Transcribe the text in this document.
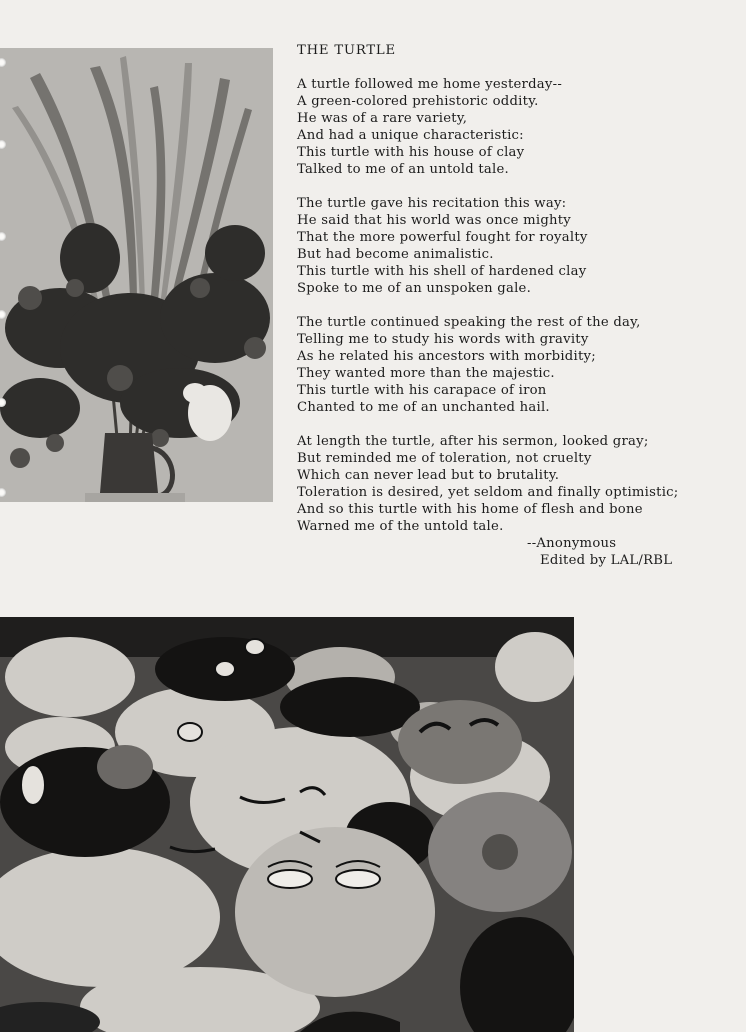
THE TURTLE
A turtle followed me home yesterday--
A green-colored prehistoric oddity.
He was of a rare variety,
And had a unique characteristic:
This turtle with his house of clay
Talked to me of an untold tale.
The turtle gave his recitation this way:
He said that his world was once mighty
That the more powerful fought for royalty
But had become animalistic.
This turtle with his shell of hardened clay
Spoke to me of an unspoken gale.
The turtle continued speaking the rest of the day,
Telling me to study his words with gravity
As he related his ancestors with morbidity;
They wanted more than the majestic.
This turtle with his carapace of iron
Chanted to me of an unchanted hail.
At length the turtle, after his sermon, looked gray;
But reminded me of toleration, not cruelty
Which can never lead but to brutality.
Toleration is desired, yet seldom and finally optimistic;
And so this turtle with his home of flesh and bone
Warned me of the untold tale.
--Anonymous
Edited by LAL/RBL
